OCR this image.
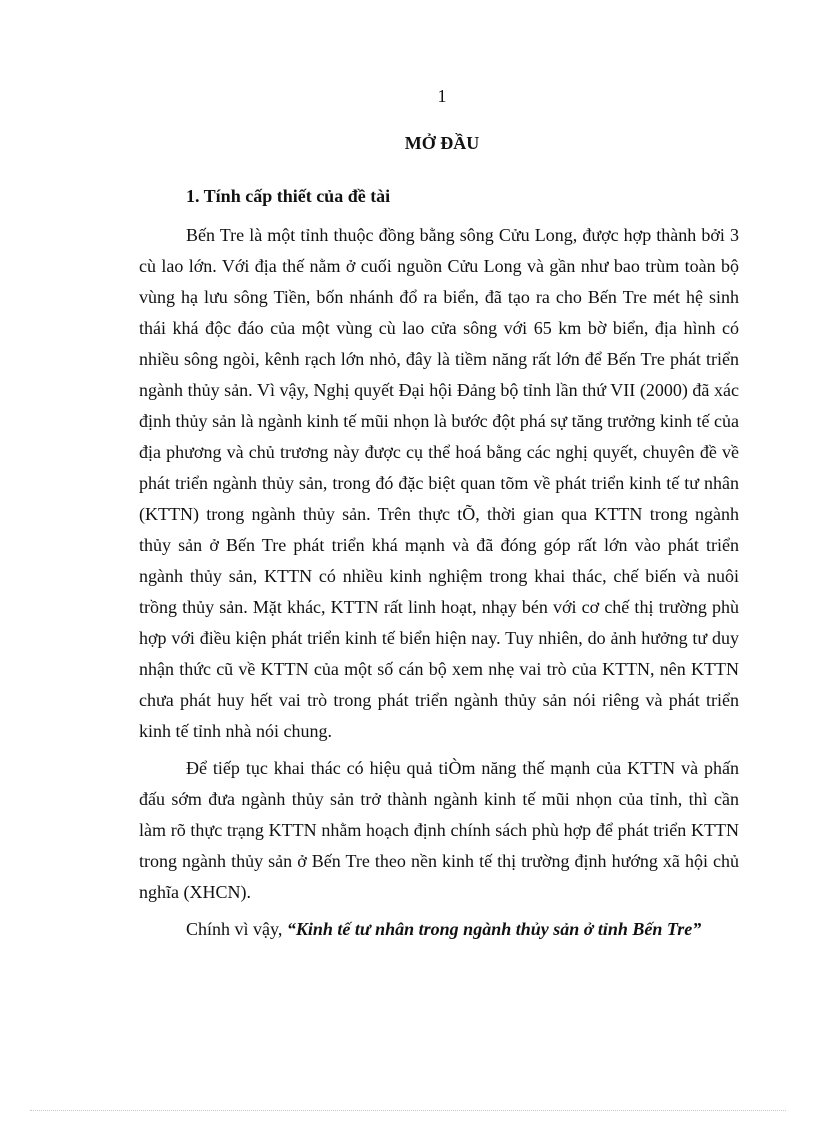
1
MỞ ĐẦU
1. Tính cấp thiết của đề tài

Bến Tre là một tỉnh thuộc đồng bằng sông Cửu Long, được hợp thành bởi 3 cù lao lớn. Với địa thế nằm ở cuối nguồn Cửu Long và gần như bao trùm toàn bộ vùng hạ lưu sông Tiền, bốn nhánh đổ ra biển, đã tạo ra cho Bến Tre mét hệ sinh thái khá độc đáo của một vùng cù lao cửa sông với 65 km bờ biển, địa hình có nhiều sông ngòi, kênh rạch lớn nhỏ, đây là tiềm năng rất lớn để Bến Tre phát triển ngành thủy sản. Vì vậy, Nghị quyết Đại hội Đảng bộ tỉnh lần thứ VII (2000) đã xác định thủy sản là ngành kinh tế mũi nhọn là bước đột phá sự tăng trưởng kinh tế của địa phương và chủ trương này được cụ thể hoá bằng các nghị quyết, chuyên đề về phát triển ngành thủy sản, trong đó đặc biệt quan tõm về phát triển kinh tế tư nhân (KTTN) trong ngành thủy sản. Trên thực tÕ, thời gian qua KTTN trong ngành thủy sản ở Bến Tre phát triển khá mạnh và đã đóng góp rất lớn vào phát triển ngành thủy sản, KTTN có nhiều kinh nghiệm trong khai thác, chế biến và nuôi trồng thủy sản. Mặt khác, KTTN rất linh hoạt, nhạy bén với cơ chế thị trường phù hợp với điều kiện phát triển kinh tế biển hiện nay. Tuy nhiên, do ảnh hưởng tư duy nhận thức cũ về KTTN của một số cán bộ xem nhẹ vai trò của KTTN, nên KTTN chưa phát huy hết vai trò trong phát triển ngành thủy sản nói riêng và phát triển kinh tế tỉnh nhà nói chung.

Để tiếp tục khai thác có hiệu quả tiÒm năng thế mạnh của KTTN và phấn đấu sớm đưa ngành thủy sản trở thành ngành kinh tế mũi nhọn của tỉnh, thì cần làm rõ thực trạng KTTN nhằm hoạch định chính sách phù hợp để phát triển KTTN trong ngành thủy sản ở Bến Tre theo nền kinh tế thị trường định hướng xã hội chủ nghĩa (XHCN).

Chính vì vậy, “Kinh tế tư nhân trong ngành thủy sản ở tỉnh Bến Tre”
